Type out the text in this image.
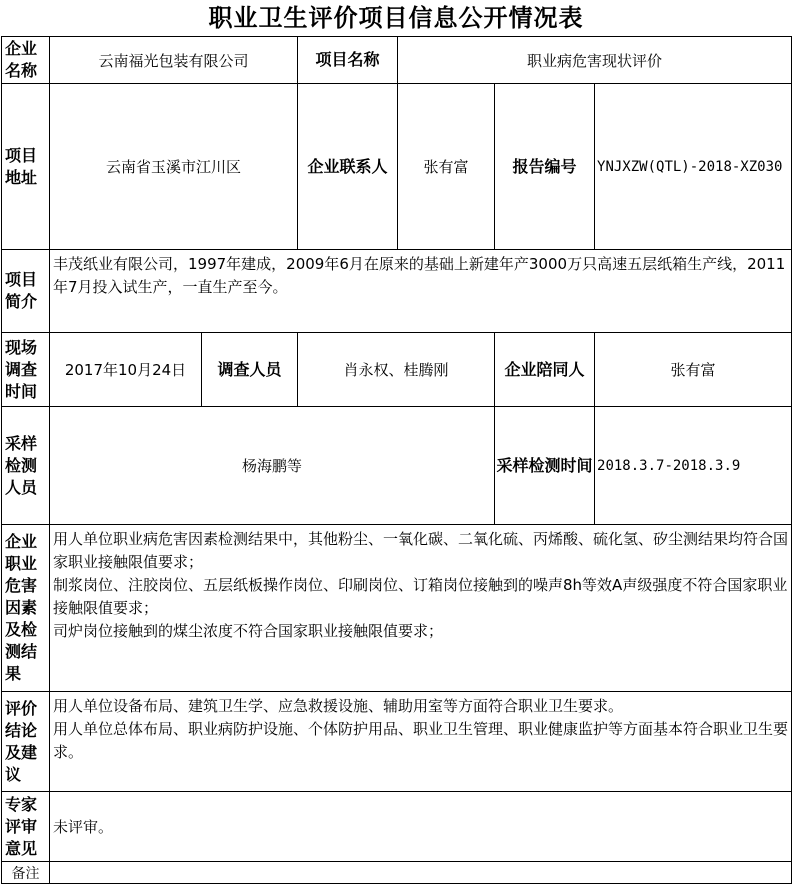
职业卫生评价项目信息公开情况表
企业名称	云南福光包装有限公司		项目名称	职业病危害现状评价		
项目地址	云南省玉溪市江川区		企业联系人	张有富	报告编号	YNJXZW(QTL)-2018-XZ030
项目简介	丰茂纸业有限公司，1997年建成，2009年6月在原来的基础上新建年产3000万只高速五层纸箱生产线，2011年7月投入试生产，一直生产至今。					
现场调查时间	2017年10月24日	调查人员	肖永权、桂腾刚		企业陪同人	张有富
采样检测人员	杨海鹏等				采样检测时间	2018.3.7-2018.3.9
企业职业危害因素及检测结果	用人单位职业病危害因素检测结果中，其他粉尘、一氧化碳、二氧化硫、丙烯酸、硫化氢、矽尘测结果均符合国家职业接触限值要求；
制浆岗位、注胶岗位、五层纸板操作岗位、印刷岗位、订箱岗位接触到的噪声8h等效A声级强度不符合国家职业接触限值要求；
司炉岗位接触到的煤尘浓度不符合国家职业接触限值要求；					

评价结论及建议	用人单位设备布局、建筑卫生学、应急救援设施、辅助用室等方面符合职业卫生要求。
用人单位总体布局、职业病防护设施、个体防护用品、职业卫生管理、职业健康监护等方面基本符合职业卫生要求。					

专家评审意见	未评审。					
备注						
